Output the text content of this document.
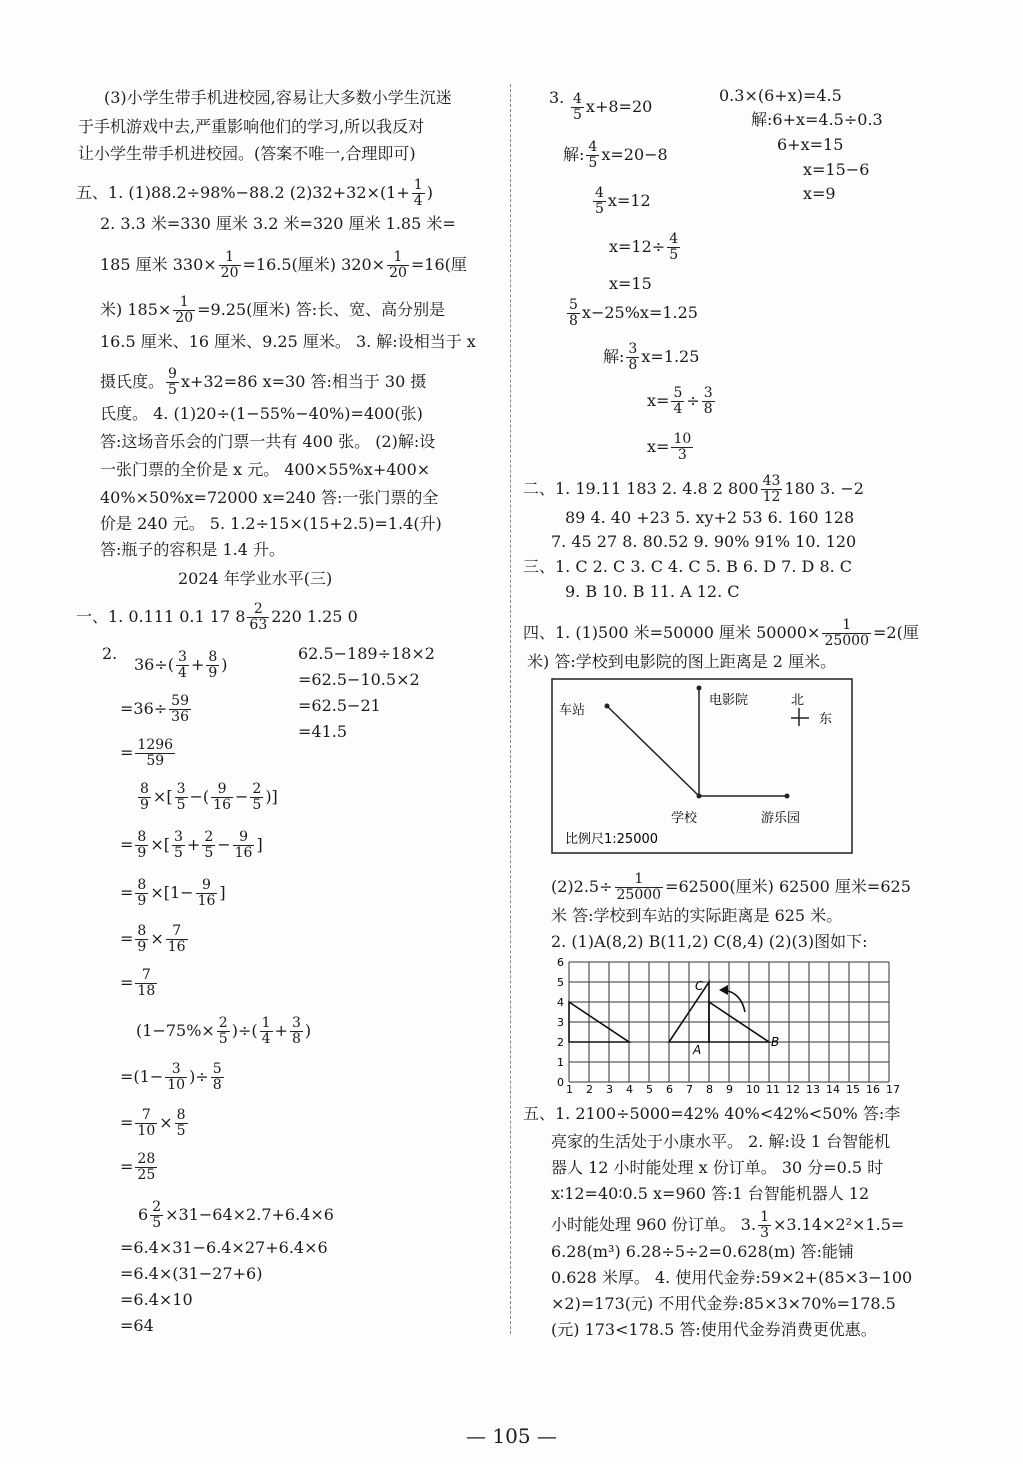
(3)小学生带手机进校园,容易让大多数小学生沉迷
于手机游戏中去,严重影响他们的学习,所以我反对
让小学生带手机进校园。(答案不唯一,合理即可)
五、1. (1)88.2÷98%−88.2 $(2)32+32\times(1+ \frac{1}{4}$ )
2. 3.3 米=330 厘米 3.2 米=320 厘米 1.85 米=
185 厘米 $330\times \frac{1}{20} =16.5$(厘米) $320\times \frac{1}{20} =16$(厘
米) $185\times \frac{1}{20} =9.25$(厘米) 答:长、宽、高分别是
16.5 厘米、16 厘米、9.25 厘米。 3. 解:设相当于 x
摄氏度。 $\frac{9}{5} x+32=86$ x=30 答:相当于 30 摄
氏度。 4. (1)20÷(1−55%−40%)=400(张)
答:这场音乐会的门票一共有 400 张。 (2)解:设
一张门票的全价是 x 元。 400×55%x+400×
40%×50%x=72000 x=240 答:一张门票的全
价是 240 元。 5. 1.2÷15×(15+2.5)=1.4(升)
答:瓶子的容积是 1.4 升。
2024 年学业水平(三)
一、1. 0.111 0.1 17 $8 \frac{2}{63} 220$ 1.25 0
2.
$36\div( \frac{3}{4} + \frac{8}{9}$ )
$=36\div \frac{59}{36}$
= $\frac{1296}{59}$
62.5−189÷18×2
=62.5−10.5×2
=62.5−21
=41.5
$\frac{8}{9}$ ×[ $\frac{3}{5}$ −( $\frac{9}{16} - \frac{2}{5}$ )]
= $\frac{8}{9}$ ×[ $\frac{3}{5} + \frac{2}{5} - \frac{9}{16}$ ]
= $\frac{8}{9} \times[1- \frac{9}{16}$ ]
= $\frac{8}{9} \times \frac{7}{16}$
= $\frac{7}{18}$
($1-75\%\times \frac{2}{5}$ )÷( $\frac{1}{4} + \frac{3}{8}$ )
$=(1- \frac{3}{10}$ )÷ $\frac{5}{8}$
= $\frac{7}{10} \times \frac{8}{5}$
= $\frac{28}{25}$
$6 \frac{2}{5} \times 31-64\times 2.7+6.4\times 6$
=6.4×31−6.4×27+6.4×6
=6.4×(31−27+6)
=6.4×10
=64
3. $\frac{4}{5} x+8=20$
解: $\frac{4}{5} x=20-8$
$\frac{4}{5} x=12$
$x=12\div \frac{4}{5}$
x=15
$\frac{5}{8} x-25\%x=1.25$
解: $\frac{3}{8} x=1.25$
$x= \frac{5}{4} \div \frac{3}{8}$
$x= \frac{10}{3}$
0.3×(6+x)=4.5
解:6+x=4.5÷0.3
6+x=15
x=15−6
x=9
二、1. 19.11 183 2. 4.8 2 $800 \frac{43}{12} 180$ 3. −2
89 4. 40 +23 5. xy+2 53 6. 160 128
7. 45 27 8. 80.52 9. 90% 91% 10. 120
三、1. C 2. C 3. C 4. C 5. B 6. D 7. D 8. C
9. B 10. B 11. A 12. C
四、1. (1)500 米=50000 厘米 $50000\times \frac{1}{25000} =2$(厘
米) 答:学校到电影院的图上距离是 2 厘米。
车站
电影院
学校	游乐园
北
东
比例尺1:25000
$(2)2.5\div \frac{1}{25000} =62500$(厘米) 62500 厘米=625
米 答:学校到车站的实际距离是 625 米。
2. (1)A(8,2) B(11,2) C(8,4) (2)(3)图如下:
1 2 3 4 5 6 7 8 9 10 11 12 13 14 15 16 17
0
1
2
3
4
5
6
A
B
C
五、1. 2100÷5000=42% 40%<42%<50% 答:李
亮家的生活处于小康水平。 2. 解:设 1 台智能机
器人 12 小时能处理 x 份订单。 30 分=0.5 时
x∶12=40∶0.5 x=960 答:1 台智能机器人 12
小时能处理 960 份订单。 3. $\frac{1}{3} \times 3.14\times 2^2\times 1.5=$
6.28(m³) 6.28÷5÷2=0.628(m) 答:能铺
0.628 米厚。 4. 使用代金券:59×2+(85×3−100
×2)=173(元) 不用代金券:85×3×70%=178.5
(元) 173<178.5 答:使用代金券消费更优惠。
— 105 —
